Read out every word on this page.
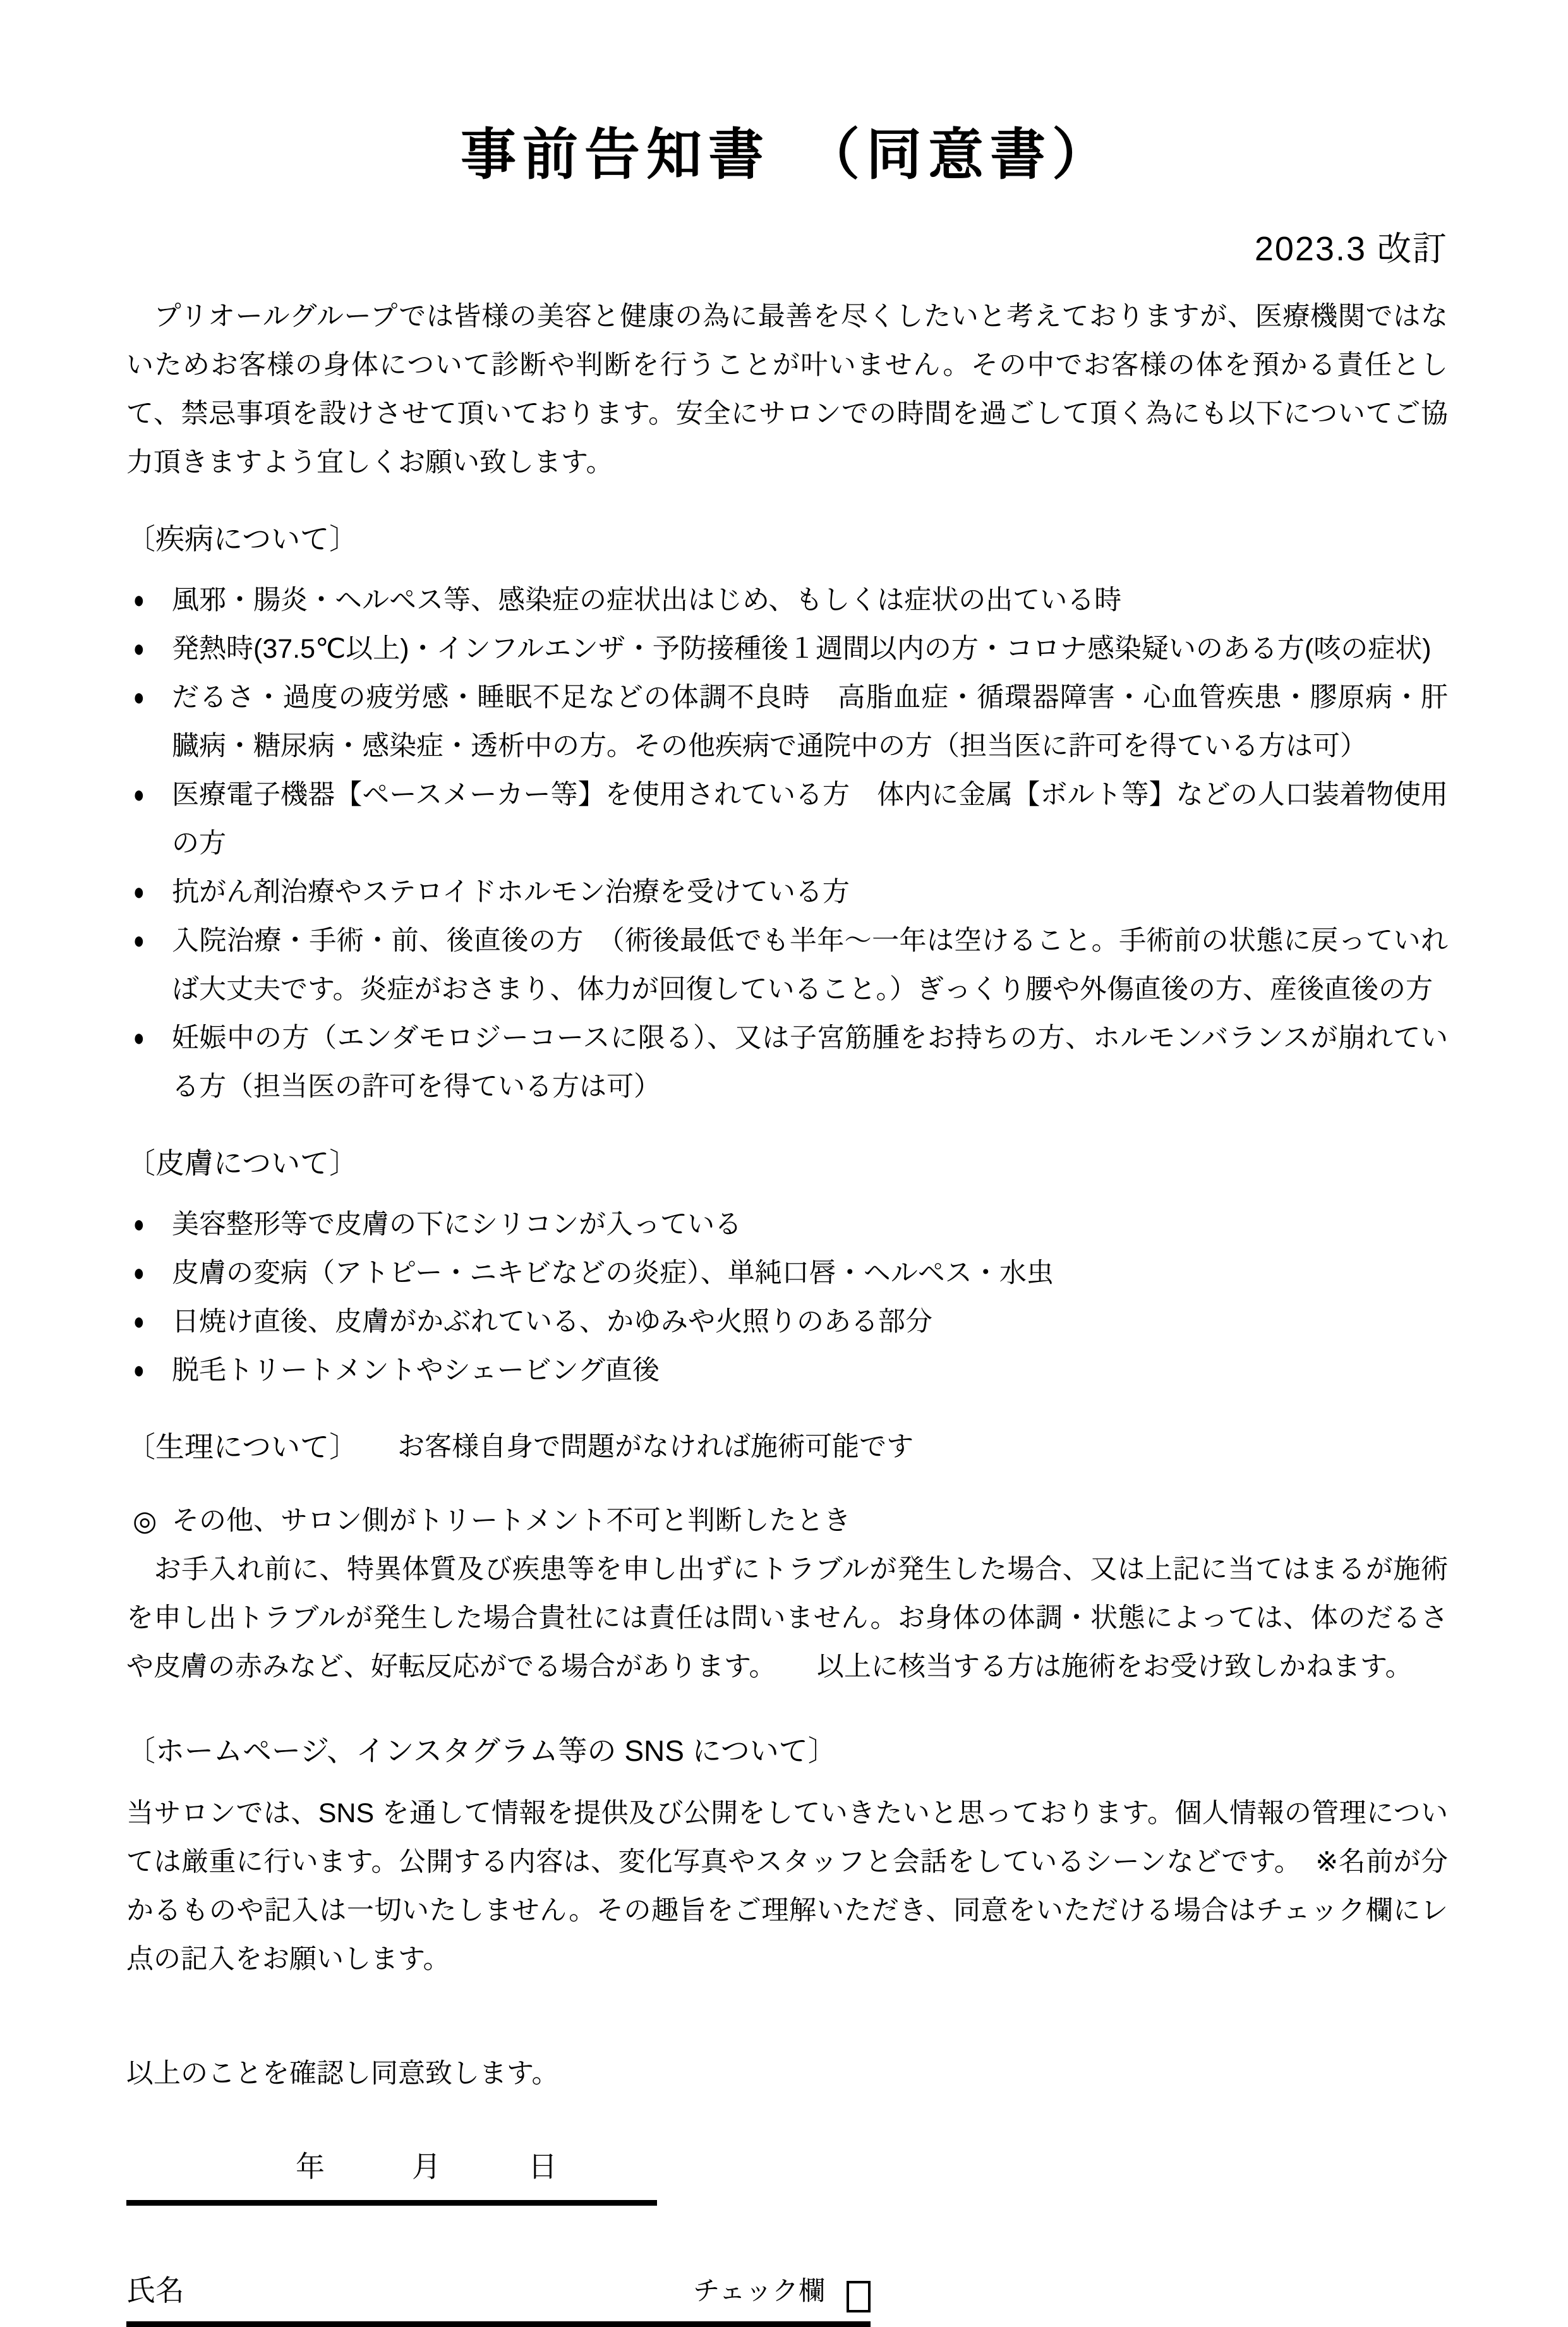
事前告知書　（同意書）
2023.3 改訂

　プリオールグループでは皆様の美容と健康の為に最善を尽くしたいと考えておりますが、医療機関ではないためお客様の身体について診断や判断を行うことが叶いません。その中でお客様の体を預かる責任として、禁忌事項を設けさせて頂いております。安全にサロンでの時間を過ごして頂く為にも以下についてご協力頂きますよう宜しくお願い致します。

〔疾病について〕
●	風邪・腸炎・ヘルペス等、感染症の症状出はじめ、もしくは症状の出ている時
●	発熱時(37.5℃以上)・インフルエンザ・予防接種後１週間以内の方・コロナ感染疑いのある方(咳の症状)
●	だるさ・過度の疲労感・睡眠不足などの体調不良時　高脂血症・循環器障害・心血管疾患・膠原病・肝臓病・糖尿病・感染症・透析中の方。その他疾病で通院中の方（担当医に許可を得ている方は可）
●	医療電子機器【ペースメーカー等】を使用されている方　体内に金属【ボルト等】などの人口装着物使用の方
●	抗がん剤治療やステロイドホルモン治療を受けている方
●	入院治療・手術・前、後直後の方　（術後最低でも半年～一年は空けること。手術前の状態に戻っていれば大丈夫です。炎症がおさまり、体力が回復していること。）ぎっくり腰や外傷直後の方、産後直後の方
●	妊娠中の方（エンダモロジーコースに限る）、又は子宮筋腫をお持ちの方、ホルモンバランスが崩れている方（担当医の許可を得ている方は可）
〔皮膚について〕
●	美容整形等で皮膚の下にシリコンが入っている
●	皮膚の変病（アトピー・ニキビなどの炎症）、単純口唇・ヘルペス・水虫
●	日焼け直後、皮膚がかぶれている、かゆみや火照りのある部分
●	脱毛トリートメントやシェービング直後
〔生理について〕 お客様自身で問題がなければ施術可能です
◎ その他、サロン側がトリートメント不可と判断したとき

　お手入れ前に、特異体質及び疾患等を申し出ずにトラブルが発生した場合、又は上記に当てはまるが施術を申し出トラブルが発生した場合貴社には責任は問いません。お身体の体調・状態によっては、体のだるさや皮膚の赤みなど、好転反応がでる場合があります。　　以上に核当する方は施術をお受け致しかねます。

〔ホームページ、インスタグラム等の SNS について〕

当サロンでは、SNS を通して情報を提供及び公開をしていきたいと思っております。個人情報の管理については厳重に行います。公開する内容は、変化写真やスタッフと会話をしているシーンなどです。　※名前が分かるものや記入は一切いたしません。その趣旨をご理解いただき、同意をいただける場合はチェック欄にレ点の記入をお願いします。

以上のことを確認し同意致します。

年　　　月　　　日
氏名	チェック欄
